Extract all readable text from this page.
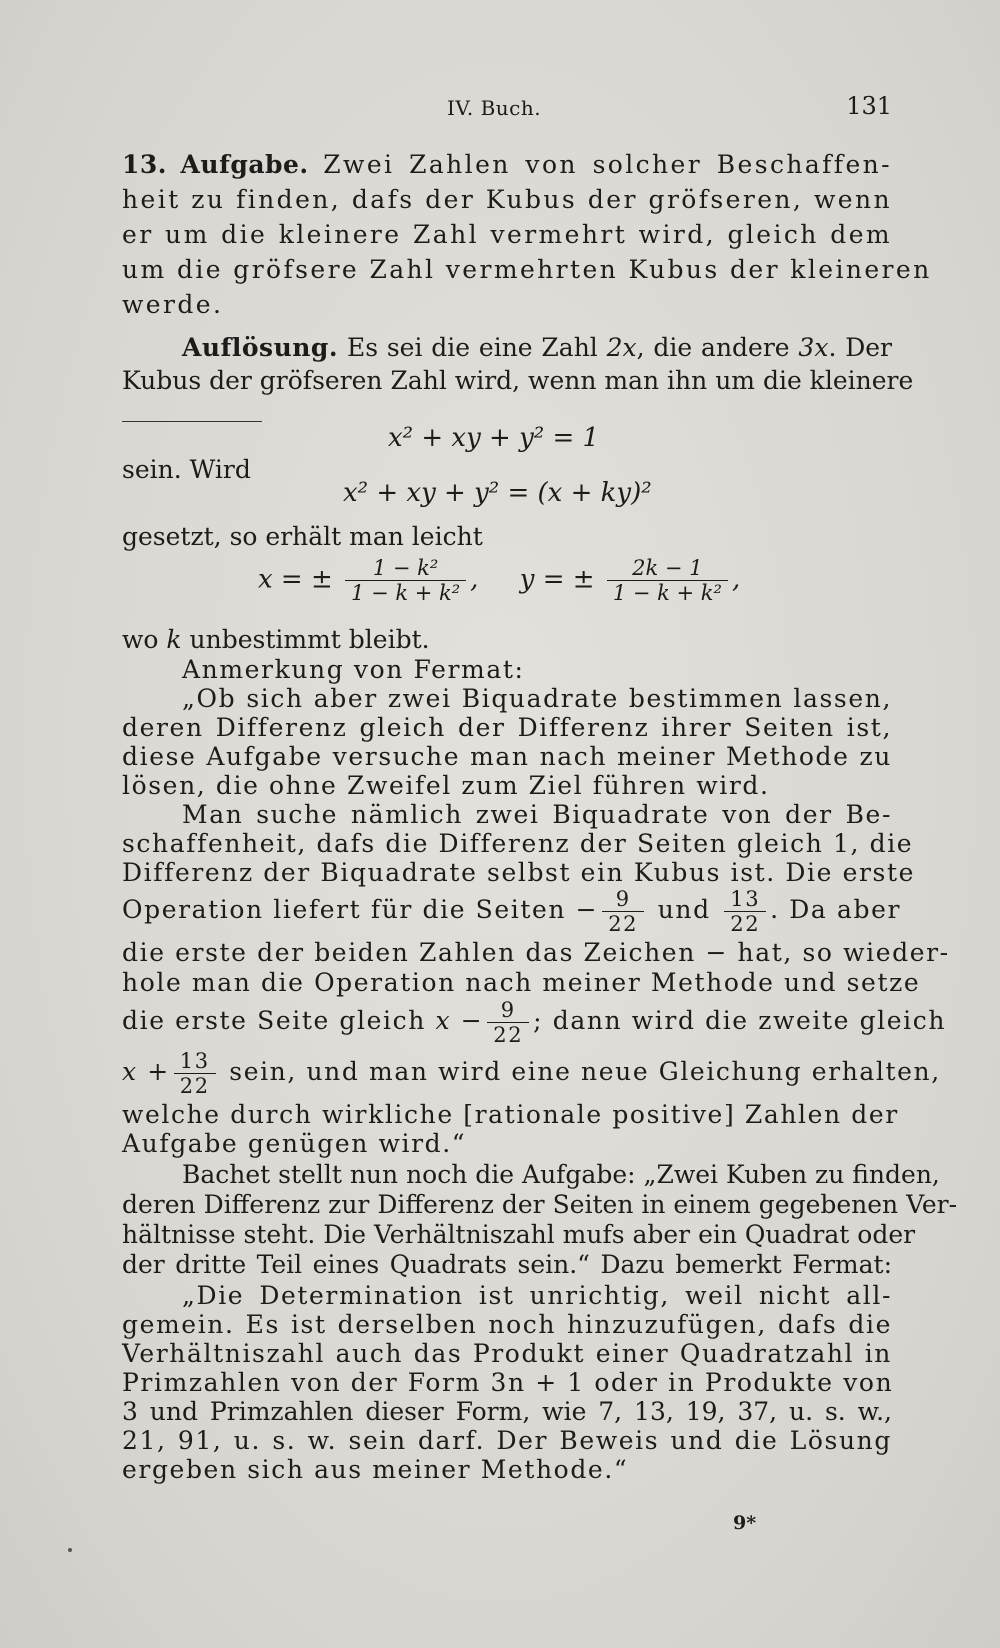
IV. Buch.	131
13. Aufgabe. Zwei Zahlen von solcher Beschaffen-
heit zu finden, dafs der Kubus der gröfseren, wenn
er um die kleinere Zahl vermehrt wird, gleich dem
um die gröfsere Zahl vermehrten Kubus der kleineren
werde.
Auflösung. Es sei die eine Zahl 2x, die andere 3x. Der
Kubus der gröfseren Zahl wird, wenn man ihn um die kleinere
x² + xy + y² = 1
sein. Wird
x² + xy + y² = (x + ky)²
gesetzt, so erhält man leicht
x = ± $\frac{\text{1 − k²}}{\text{1 − k + k²}}$ , y = ± $\frac{2k - 1}{\text{1 − k + k²}}$ ,
wo k unbestimmt bleibt.
Anmerkung von Fermat:
„Ob sich aber zwei Biquadrate bestimmen lassen,
deren Differenz gleich der Differenz ihrer Seiten ist,
diese Aufgabe versuche man nach meiner Methode zu
lösen, die ohne Zweifel zum Ziel führen wird.
Man suche nämlich zwei Biquadrate von der Be-
schaffenheit, dafs die Differenz der Seiten gleich 1, die
Differenz der Biquadrate selbst ein Kubus ist. Die erste
Operation liefert für die Seiten − $\frac{9}{22}$ und $\frac{13}{22}$ . Da aber
die erste der beiden Zahlen das Zeichen − hat, so wieder-
hole man die Operation nach meiner Methode und setze
die erste Seite gleich $x - \frac{9}{22}$ ; dann wird die zweite gleich
$x + \frac{13}{22}$ sein, und man wird eine neue Gleichung erhalten,
welche durch wirkliche [rationale positive] Zahlen der
Aufgabe genügen wird.“
Bachet stellt nun noch die Aufgabe: „Zwei Kuben zu finden,
deren Differenz zur Differenz der Seiten in einem gegebenen Ver-
hältnisse steht. Die Verhältniszahl mufs aber ein Quadrat oder
der dritte Teil eines Quadrats sein.“ Dazu bemerkt Fermat:
„Die Determination ist unrichtig, weil nicht all-
gemein. Es ist derselben noch hinzuzufügen, dafs die
Verhältniszahl auch das Produkt einer Quadratzahl in
Primzahlen von der Form 3n + 1 oder in Produkte von
3 und Primzahlen dieser Form, wie 7, 13, 19, 37, u. s. w.,
21, 91, u. s. w. sein darf. Der Beweis und die Lösung
ergeben sich aus meiner Methode.“
9*
